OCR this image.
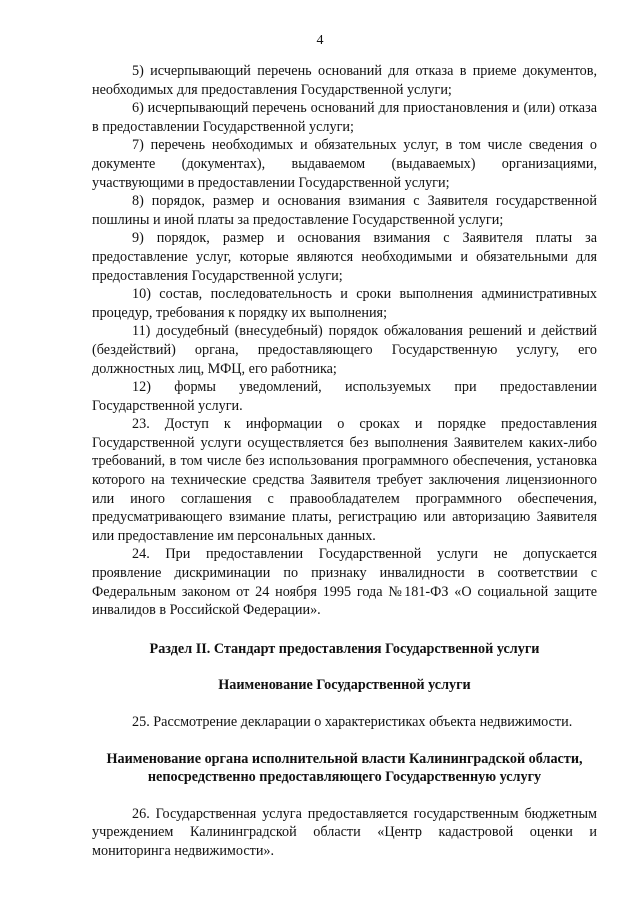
4

5) исчерпывающий перечень оснований для отказа в приеме документов, необходимых для предоставления Государственной услуги;

6) исчерпывающий перечень оснований для приостановления и (или) отказа в предоставлении Государственной услуги;

7) перечень необходимых и обязательных услуг, в том числе сведения о документе (документах), выдаваемом (выдаваемых) организациями, участвующими в предоставлении Государственной услуги;

8) порядок, размер и основания взимания с Заявителя государственной пошлины и иной платы за предоставление Государственной услуги;

9) порядок, размер и основания взимания с Заявителя платы за предоставление услуг, которые являются необходимыми и обязательными для предоставления Государственной услуги;

10) состав, последовательность и сроки выполнения административных процедур, требования к порядку их выполнения;

11) досудебный (внесудебный) порядок обжалования решений и действий (бездействий) органа, предоставляющего Государственную услугу, его должностных лиц, МФЦ, его работника;

12) формы уведомлений, используемых при предоставлении Государственной услуги.

23. Доступ к информации о сроках и порядке предоставления Государственной услуги осуществляется без выполнения Заявителем каких-либо требований, в том числе без использования программного обеспечения, установка которого на технические средства Заявителя требует заключения лицензионного или иного соглашения с правообладателем программного обеспечения, предусматривающего взимание платы, регистрацию или авторизацию Заявителя или предоставление им персональных данных.

24. При предоставлении Государственной услуги не допускается проявление дискриминации по признаку инвалидности в соответствии с Федеральным законом от 24 ноября 1995 года №181-ФЗ «О социальной защите инвалидов в Российской Федерации».

Раздел II. Стандарт предоставления Государственной услуги
Наименование Государственной услуги

25. Рассмотрение декларации о характеристиках объекта недвижимости.

Наименование органа исполнительной власти Калининградской области, непосредственно предоставляющего Государственную услугу

26. Государственная услуга предоставляется государственным бюджетным учреждением Калининградской области «Центр кадастровой оценки и мониторинга недвижимости».
